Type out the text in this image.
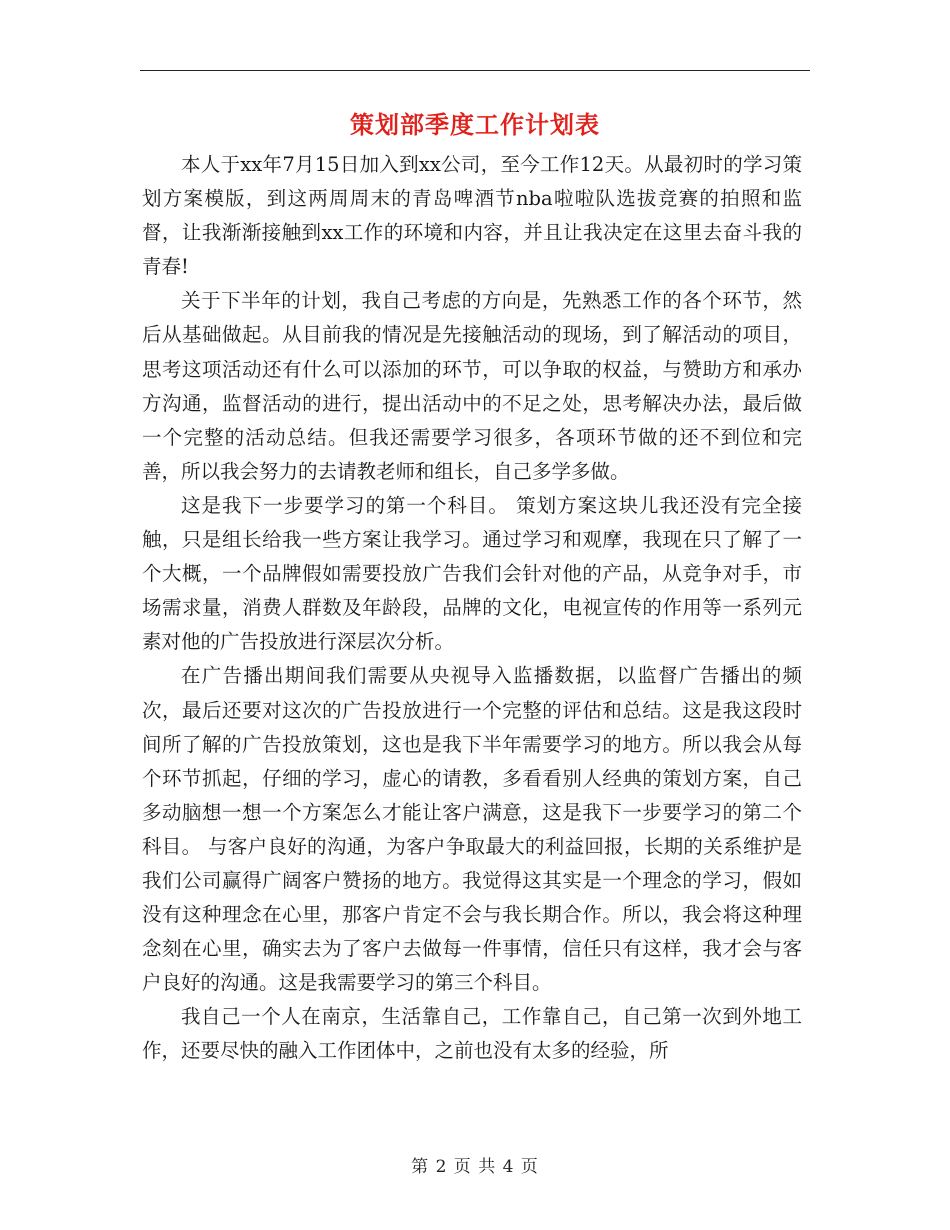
策划部季度工作计划表

本人于xx年7月15日加入到xx公司，至今工作12天。从最初时的学习策划方案模版，到这两周周末的青岛啤酒节nba啦啦队选拔竞赛的拍照和监督，让我渐渐接触到xx工作的环境和内容，并且让我决定在这里去奋斗我的青春!

关于下半年的计划，我自己考虑的方向是，先熟悉工作的各个环节，然后从基础做起。从目前我的情况是先接触活动的现场，到了解活动的项目，思考这项活动还有什么可以添加的环节，可以争取的权益，与赞助方和承办方沟通，监督活动的进行，提出活动中的不足之处，思考解决办法，最后做一个完整的活动总结。但我还需要学习很多，各项环节做的还不到位和完善，所以我会努力的去请教老师和组长，自己多学多做。

这是我下一步要学习的第一个科目。 策划方案这块儿我还没有完全接触，只是组长给我一些方案让我学习。通过学习和观摩，我现在只了解了一个大概，一个品牌假如需要投放广告我们会针对他的产品，从竞争对手，市场需求量，消费人群数及年龄段，品牌的文化，电视宣传的作用等一系列元素对他的广告投放进行深层次分析。

在广告播出期间我们需要从央视导入监播数据，以监督广告播出的频次，最后还要对这次的广告投放进行一个完整的评估和总结。这是我这段时间所了解的广告投放策划，这也是我下半年需要学习的地方。所以我会从每个环节抓起，仔细的学习，虚心的请教，多看看别人经典的策划方案，自己多动脑想一想一个方案怎么才能让客户满意，这是我下一步要学习的第二个科目。 与客户良好的沟通，为客户争取最大的利益回报，长期的关系维护是我们公司赢得广阔客户赞扬的地方。我觉得这其实是一个理念的学习，假如没有这种理念在心里，那客户肯定不会与我长期合作。所以，我会将这种理念刻在心里，确实去为了客户去做每一件事情，信任只有这样，我才会与客户良好的沟通。这是我需要学习的第三个科目。

我自己一个人在南京，生活靠自己，工作靠自己，自己第一次到外地工作，还要尽快的融入工作团体中，之前也没有太多的经验，所

第 2 页 共 4 页
